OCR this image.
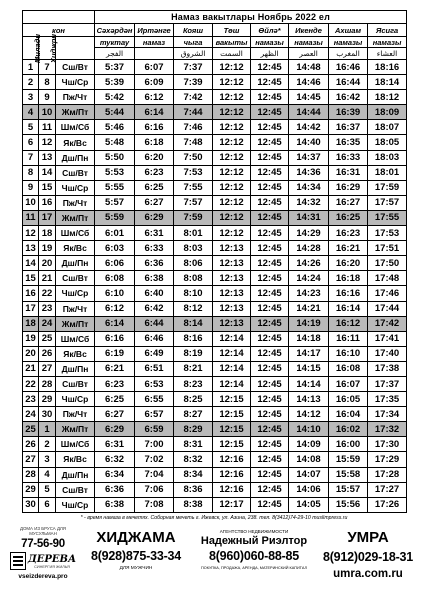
			Намаз вакытлары Ноябрь 2022 ел							
кон			Сәхәрдән	Иртәнге	Кояш	Төш	Өйлә*	Икенде	Ахшам	Ясига
Милади	Хиджри		туктау	намаз	чыга	вакыты	намазы	намазы	намазы	намазы
			الفجر		الشروق	السمت	الظهر	العصر	المغرب	العشاء
1	7	Сш/Вт	5:37	6:07	7:37	12:12	12:45	14:48	16:46	18:16
2	8	Чш/Ср	5:39	6:09	7:39	12:12	12:45	14:46	16:44	18:14
3	9	Пж/Чт	5:42	6:12	7:42	12:12	12:45	14:45	16:42	18:12
4	10	Жм/Пт	5:44	6:14	7:44	12:12	12:45	14:44	16:39	18:09
5	11	Шм/Сб	5:46	6:16	7:46	12:12	12:45	14:42	16:37	18:07
6	12	Як/Вс	5:48	6:18	7:48	12:12	12:45	14:40	16:35	18:05
7	13	Дш/Пн	5:50	6:20	7:50	12:12	12:45	14:37	16:33	18:03
8	14	Сш/Вт	5:53	6:23	7:53	12:12	12:45	14:36	16:31	18:01
9	15	Чш/Ср	5:55	6:25	7:55	12:12	12:45	14:34	16:29	17:59
10	16	Пж/Чт	5:57	6:27	7:57	12:12	12:45	14:32	16:27	17:57
11	17	Жм/Пт	5:59	6:29	7:59	12:12	12:45	14:31	16:25	17:55
12	18	Шм/Сб	6:01	6:31	8:01	12:12	12:45	14:29	16:23	17:53
13	19	Як/Вс	6:03	6:33	8:03	12:13	12:45	14:28	16:21	17:51
14	20	Дш/Пн	6:06	6:36	8:06	12:13	12:45	14:26	16:20	17:50
15	21	Сш/Вт	6:08	6:38	8:08	12:13	12:45	14:24	16:18	17:48
16	22	Чш/Ср	6:10	6:40	8:10	12:13	12:45	14:23	16:16	17:46
17	23	Пж/Чт	6:12	6:42	8:12	12:13	12:45	14:21	16:14	17:44
18	24	Жм/Пт	6:14	6:44	8:14	12:13	12:45	14:19	16:12	17:42
19	25	Шм/Сб	6:16	6:46	8:16	12:14	12:45	14:18	16:11	17:41
20	26	Як/Вс	6:19	6:49	8:19	12:14	12:45	14:17	16:10	17:40
21	27	Дш/Пн	6:21	6:51	8:21	12:14	12:45	14:15	16:08	17:38
22	28	Сш/Вт	6:23	6:53	8:23	12:14	12:45	14:14	16:07	17:37
23	29	Чш/Ср	6:25	6:55	8:25	12:15	12:45	14:13	16:05	17:35
24	30	Пж/Чт	6:27	6:57	8:27	12:15	12:45	14:12	16:04	17:34
25	1	Жм/Пт	6:29	6:59	8:29	12:15	12:45	14:10	16:02	17:32
26	2	Шм/Сб	6:31	7:00	8:31	12:15	12:45	14:09	16:00	17:30
27	3	Як/Вс	6:32	7:02	8:32	12:16	12:45	14:08	15:59	17:29
28	4	Дш/Пн	6:34	7:04	8:34	12:16	12:45	14:07	15:58	17:28
29	5	Сш/Вт	6:36	7:06	8:36	12:16	12:45	14:06	15:57	17:27
30	6	Чш/Ср	6:38	7:08	8:38	12:17	12:45	14:05	15:56	17:26
* - время намаза в мечетях. Соборная мечеть г. Ижевск, ул. Азина, 238. тел. 8(3412)74-29-10 muslimpress.ru
ДОМА ИЗ БРУСА ДЛЯ МУСУЛЬМАН
77-56-90
ДЕРЕВА
СИНЕРГИЯ ЖИЛЬЯ
vseizdereva.pro
ХИДЖАМА
8(928)875-33-34
ДЛЯ МУЖЧИН
АГЕНТСТВО НЕДВИЖИМОСТИ
Надежный Риэлтор
8(960)060-88-85
ПОКУПКА, ПРОДАЖА, АРЕНДА, МАТЕРИНСКИЙ КАПИТАЛ
УМРА
8(912)029-18-31
umra.com.ru
